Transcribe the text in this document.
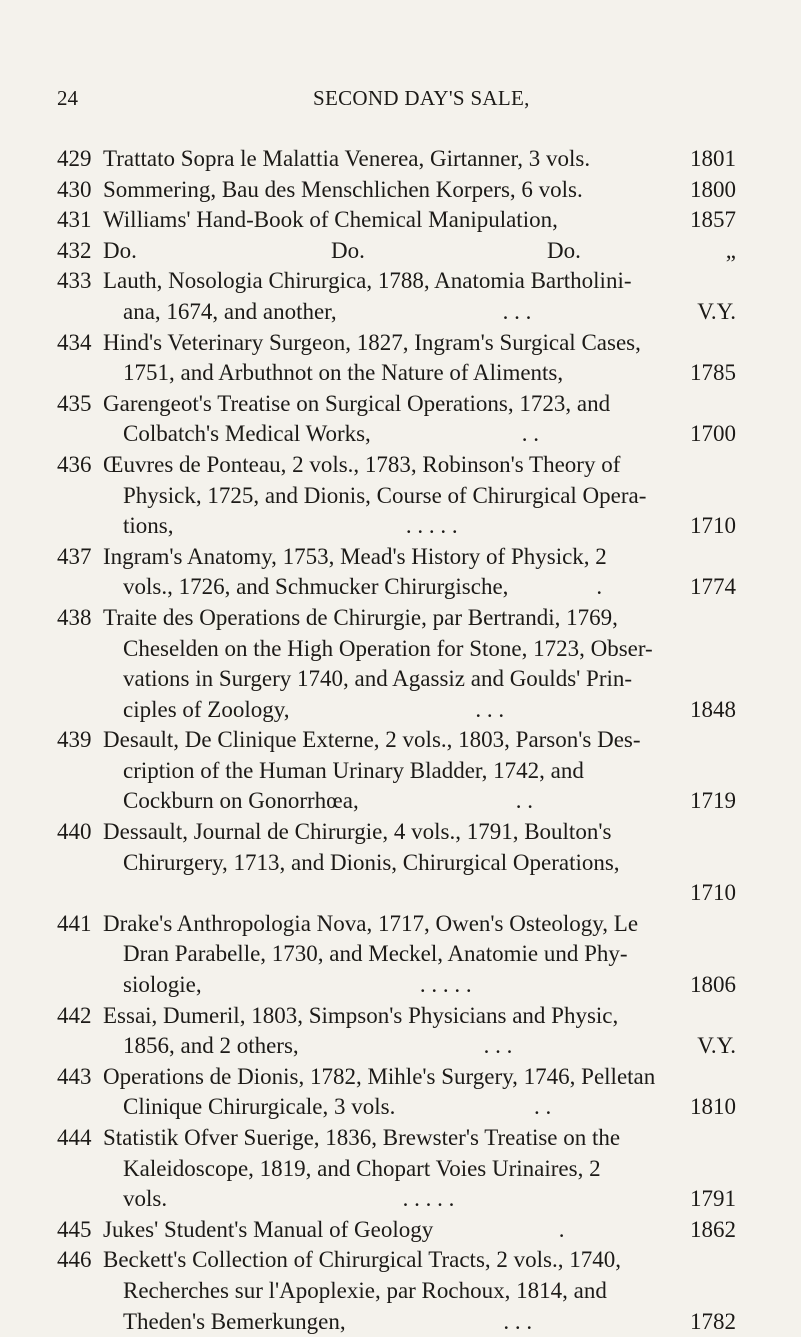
24	SECOND DAY'S SALE,
429 Trattato Sopra le Malattia Venerea, Girtanner, 3 vols.	1801
430 Sommering, Bau des Menschlichen Korpers, 6 vols.	1800
431 Williams' Hand-Book of Chemical Manipulation,	1857
432 Do.	Do.	Do.	„
433 Lauth, Nosologia Chirurgica, 1788, Anatomia Bartholini-
ana, 1674, and another,	. . .	V.Y.
434 Hind's Veterinary Surgeon, 1827, Ingram's Surgical Cases,
1751, and Arbuthnot on the Nature of Aliments,	1785
435 Garengeot's Treatise on Surgical Operations, 1723, and
Colbatch's Medical Works,	. .	1700
436 Œuvres de Ponteau, 2 vols., 1783, Robinson's Theory of
Physick, 1725, and Dionis, Course of Chirurgical Opera-
tions,	. . . . .	1710
437 Ingram's Anatomy, 1753, Mead's History of Physick, 2
vols., 1726, and Schmucker Chirurgische,	.	1774
438 Traite des Operations de Chirurgie, par Bertrandi, 1769,
Cheselden on the High Operation for Stone, 1723, Obser-
vations in Surgery 1740, and Agassiz and Goulds' Prin-
ciples of Zoology,	. . .	1848
439 Desault, De Clinique Externe, 2 vols., 1803, Parson's Des-
cription of the Human Urinary Bladder, 1742, and
Cockburn on Gonorrhœa,	. .	1719
440 Dessault, Journal de Chirurgie, 4 vols., 1791, Boulton's
Chirurgery, 1713, and Dionis, Chirurgical Operations,
1710
441 Drake's Anthropologia Nova, 1717, Owen's Osteology, Le
Dran Parabelle, 1730, and Meckel, Anatomie und Phy-
siologie,	. . . . .	1806
442 Essai, Dumeril, 1803, Simpson's Physicians and Physic,
1856, and 2 others,	. . .	V.Y.
443 Operations de Dionis, 1782, Mihle's Surgery, 1746, Pelletan
Clinique Chirurgicale, 3 vols.	. .	1810
444 Statistik Ofver Suerige, 1836, Brewster's Treatise on the
Kaleidoscope, 1819, and Chopart Voies Urinaires, 2
vols.	. . . . .	1791
445 Jukes' Student's Manual of Geology	.	1862
446 Beckett's Collection of Chirurgical Tracts, 2 vols., 1740,
Recherches sur l'Apoplexie, par Rochoux, 1814, and
Theden's Bemerkungen,	. . .	1782
